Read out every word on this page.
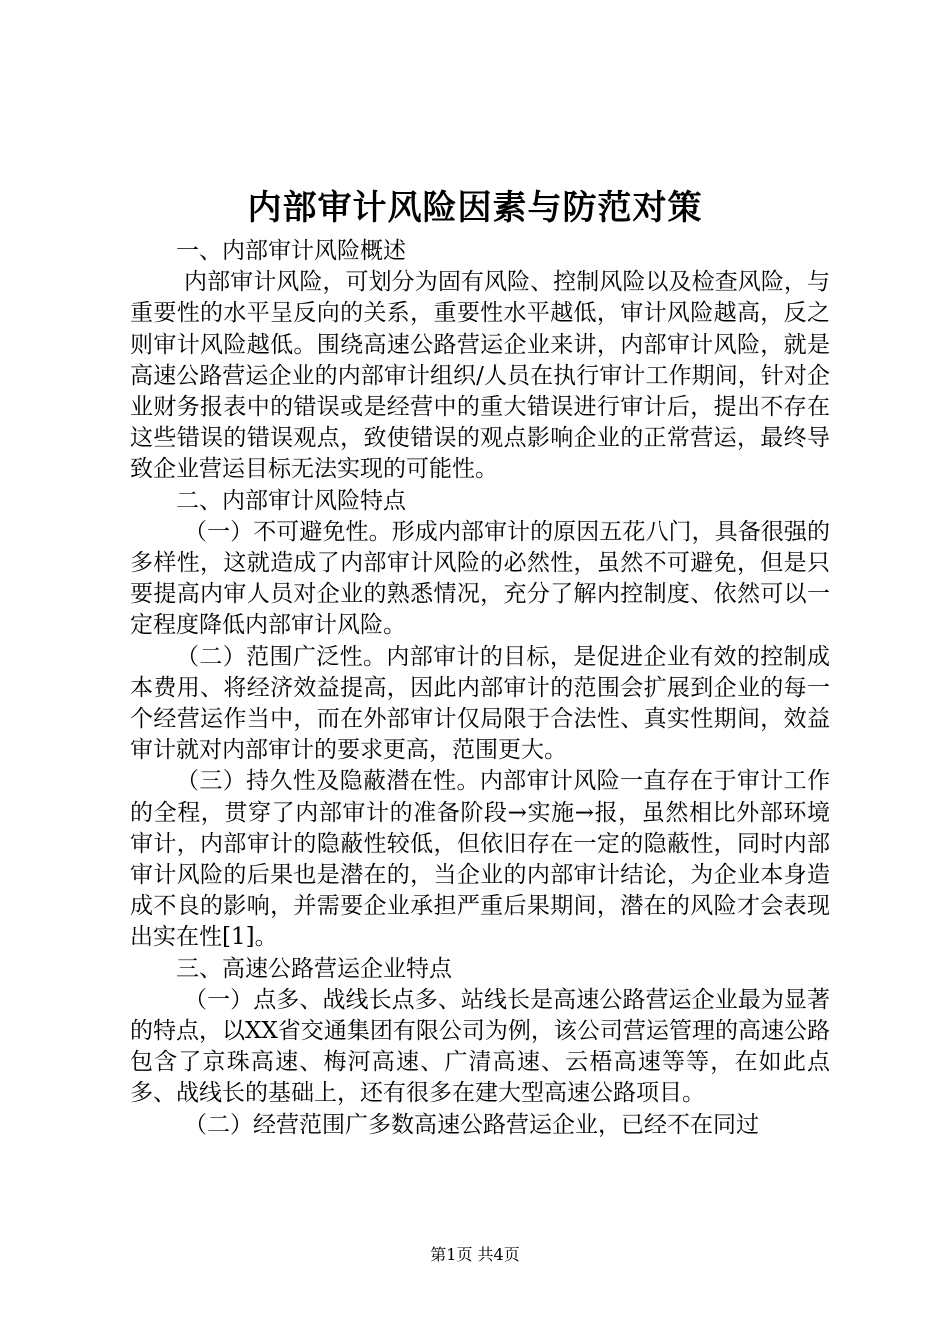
内部审计风险因素与防范对策

一、内部审计风险概述

内部审计风险，可划分为固有风险、控制风险以及检查风险，与重要性的水平呈反向的关系，重要性水平越低，审计风险越高，反之则审计风险越低。围绕高速公路营运企业来讲，内部审计风险，就是高速公路营运企业的内部审计组织/人员在执行审计工作期间，针对企业财务报表中的错误或是经营中的重大错误进行审计后，提出不存在这些错误的错误观点，致使错误的观点影响企业的正常营运，最终导致企业营运目标无法实现的可能性。

二、内部审计风险特点

（一）不可避免性。形成内部审计的原因五花八门，具备很强的多样性，这就造成了内部审计风险的必然性，虽然不可避免，但是只要提高内审人员对企业的熟悉情况，充分了解内控制度、依然可以一定程度降低内部审计风险。

（二）范围广泛性。内部审计的目标，是促进企业有效的控制成本费用、将经济效益提高，因此内部审计的范围会扩展到企业的每一个经营运作当中，而在外部审计仅局限于合法性、真实性期间，效益审计就对内部审计的要求更高，范围更大。

（三）持久性及隐蔽潜在性。内部审计风险一直存在于审计工作的全程，贯穿了内部审计的准备阶段→实施→报，虽然相比外部环境审计，内部审计的隐蔽性较低，但依旧存在一定的隐蔽性，同时内部审计风险的后果也是潜在的，当企业的内部审计结论，为企业本身造成不良的影响，并需要企业承担严重后果期间，潜在的风险才会表现出实在性[1]。

三、高速公路营运企业特点

（一）点多、战线长点多、站线长是高速公路营运企业最为显著的特点，以XX省交通集团有限公司为例，该公司营运管理的高速公路包含了京珠高速、梅河高速、广清高速、云梧高速等等，在如此点多、战线长的基础上，还有很多在建大型高速公路项目。

（二）经营范围广多数高速公路营运企业，已经不在同过

第1页 共4页
